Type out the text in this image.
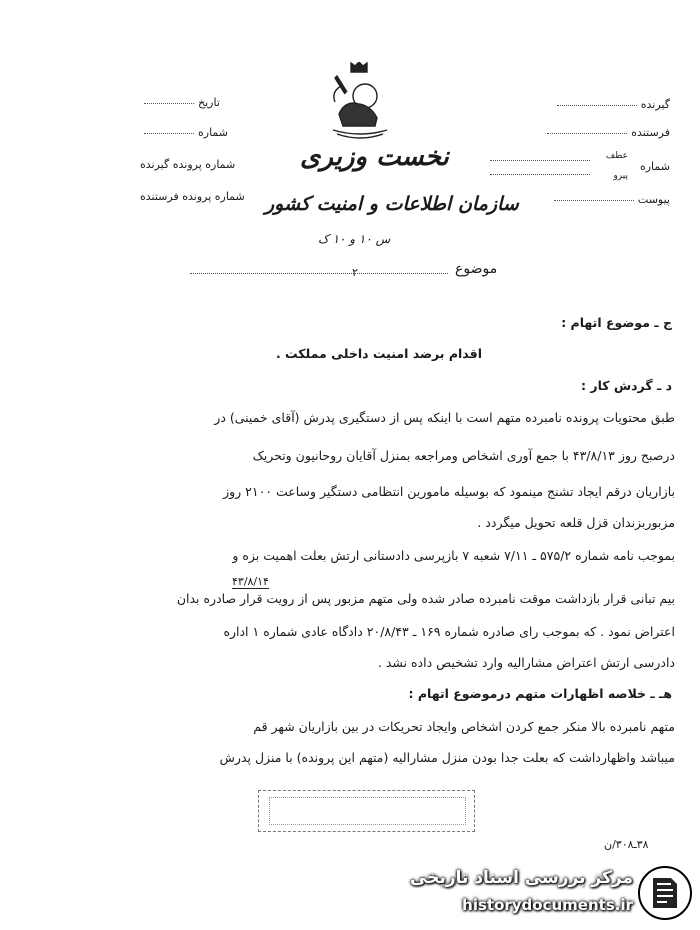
گیرنده
فرستنده
شماره
عطف
پیرو
پیوست
تاریخ
شماره
شماره پرونده گیرنده
شماره پرونده فرستنده
نخست وزیری
سازمان اطلاعات و امنیت کشور
س ۱۰ و ۱۰ ک
موضوع
۲
ج ـ موضوع اتهام :
اقدام برضد امنیت داخلی مملکت .
د ـ گردش کار :
طبق محتویات پرونده نامبرده متهم است با اینکه پس از دستگیری پدرش (آقای خمینی) در
درصبح روز ۴۳/۸/۱۳ با جمع آوری اشخاص ومراجعه بمنزل آقایان روحانیون وتحریک
بازاریان درقم ایجاد تشنج مینمود که بوسیله مامورین انتظامی دستگیر وساعت ۲۱۰۰ روز
مزبوربزندان قزل قلعه تحویل میگردد .
بموجب نامه شماره ۵۷۵/۲ ـ ۷/۱۱ شعبه ۷ بازپرسی دادستانی ارتش بعلت اهمیت بزه و
۴۳/۸/۱۴
بیم تبانی قرار بازداشت موقت نامبرده صادر شده ولی متهم مزبور پس از رویت قرار صادره بدان
اعتراض نمود . که بموجب رای صادره شماره ۱۶۹ ـ ۲۰/۸/۴۳ دادگاه عادی شماره ۱ اداره
دادرسی ارتش اعتراض مشارالیه وارد تشخیص داده نشد .
هـ ـ خلاصه اظهارات متهم درموضوع اتهام :
متهم نامبرده بالا منکر جمع کردن اشخاص وایجاد تحریکات در بین بازاریان شهر قم
میباشد واظهارداشت که بعلت جدا بودن منزل مشارالیه (متهم این پرونده) با منزل پدرش
۳۸ـ۳۰۸/ن
مرکز بررسی اسناد تاریخی
historydocuments.ir
